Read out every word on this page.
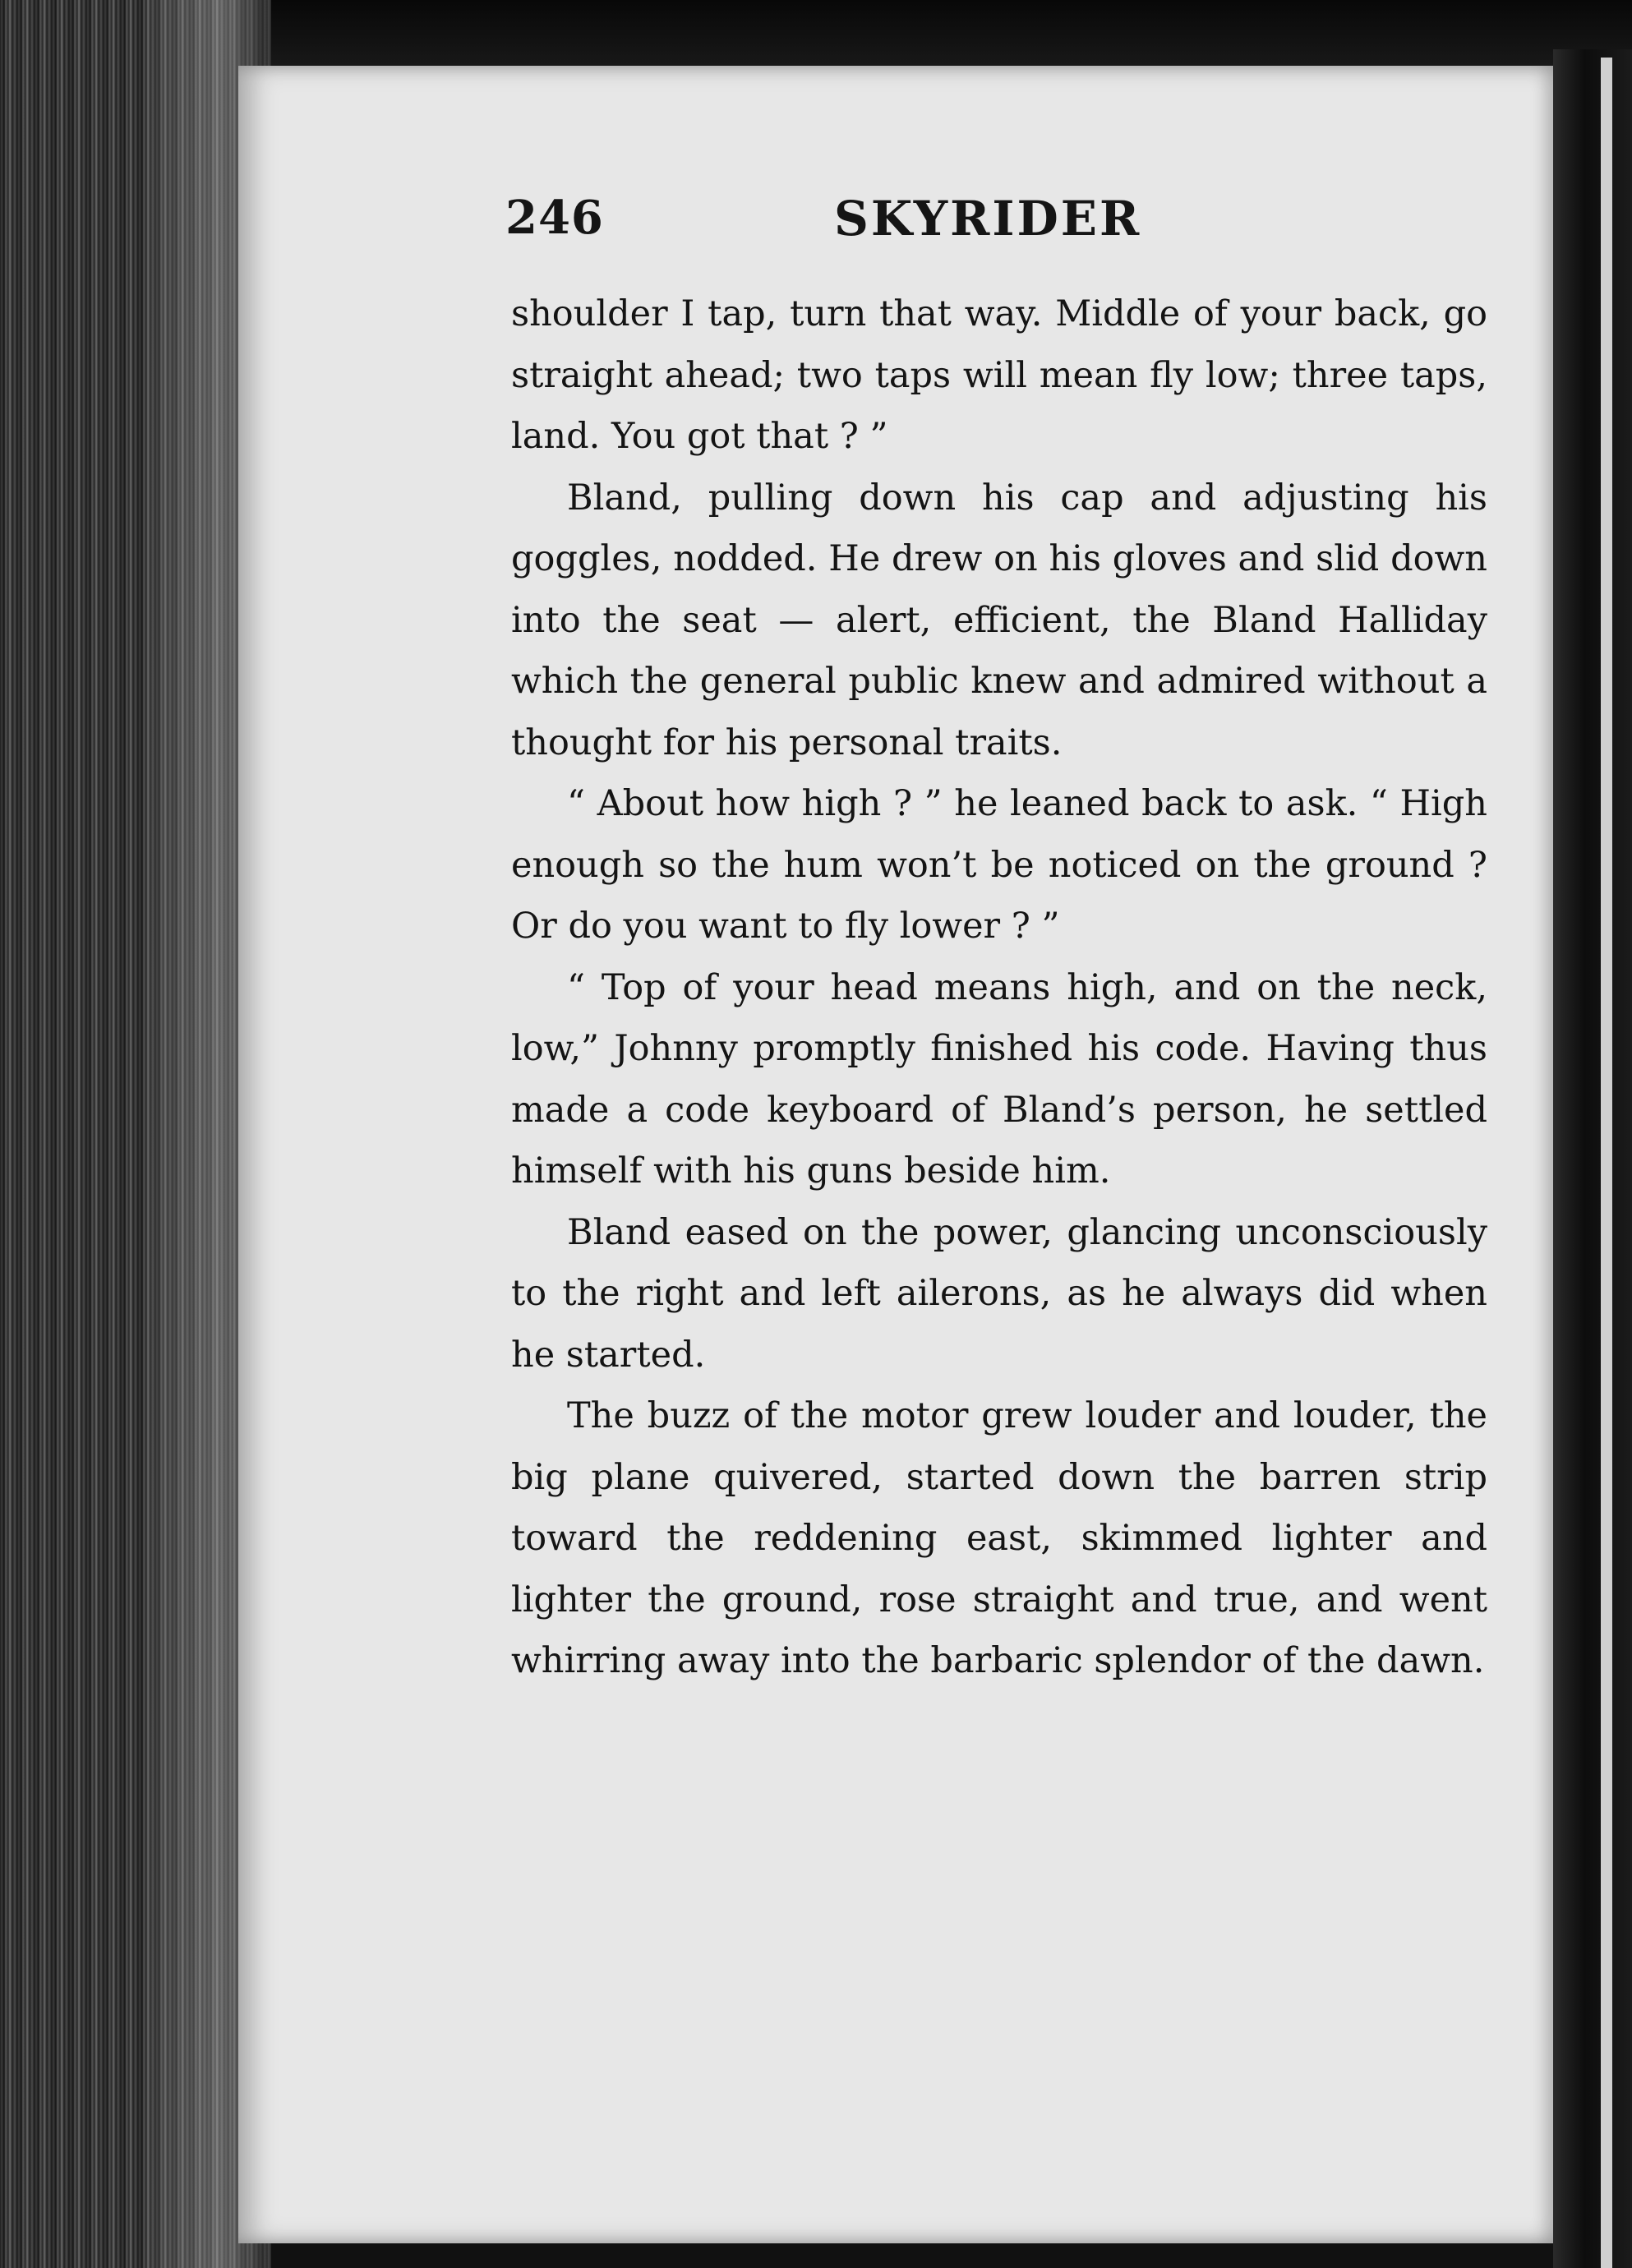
246	SKYRIDER

shoulder I tap, turn that way. Middle of your back, go straight ahead; two taps will mean fly low; three taps, land. You got that ? ”

Bland, pulling down his cap and adjusting his goggles, nodded. He drew on his gloves and slid down into the seat — alert, efficient, the Bland Halliday which the general public knew and admired without a thought for his personal traits.

“ About how high ? ” he leaned back to ask. “ High enough so the hum won’t be noticed on the ground ? Or do you want to fly lower ? ”

“ Top of your head means high, and on the neck, low,” Johnny promptly finished his code. Having thus made a code keyboard of Bland’s person, he settled himself with his guns beside him.

Bland eased on the power, glancing unconsciously to the right and left ailerons, as he always did when he started.

The buzz of the motor grew louder and louder, the big plane quivered, started down the barren strip toward the reddening east, skimmed lighter and lighter the ground, rose straight and true, and went whirring away into the barbaric splendor of the dawn.
